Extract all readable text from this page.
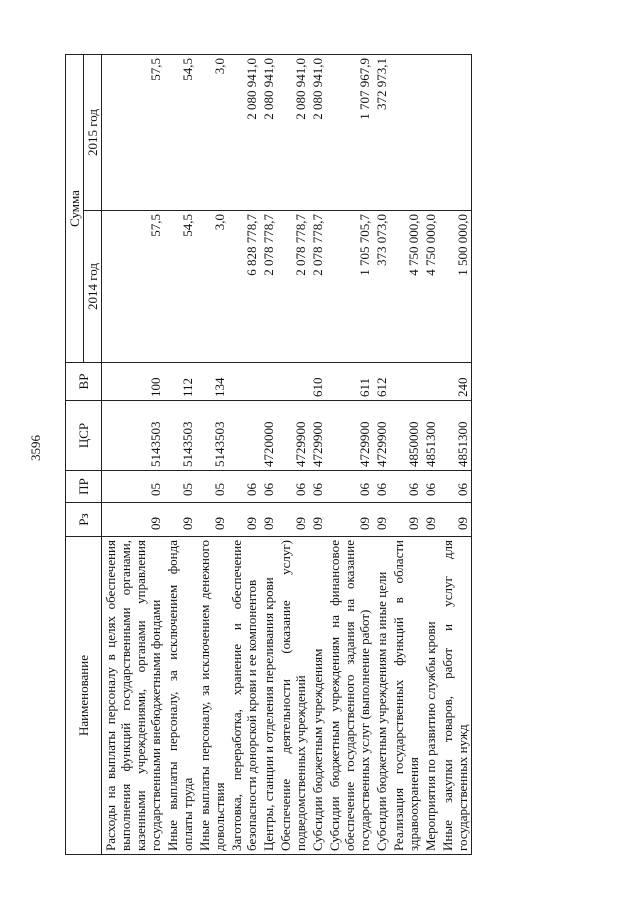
3596
Наименование	Рз	ПР	ЦСР	ВР	Сумма	
					2014 год	2015 год
Расходы на выплаты персоналу в целях обеспечения выполнения функций государственными органами, казенными учреждениями, органами управления государственными внебюджетными фондами	09	05	5143503	100	57,5	57,5
Иные выплаты персоналу, за исключением фонда оплаты труда	09	05	5143503	112	54,5	54,5
Иные выплаты персоналу, за исключением денежного довольствия	09	05	5143503	134	3,0	3,0
Заготовка, переработка, хранение и обеспечение безопасности донорской крови и ее компонентов	09	06			6 828 778,7	2 080 941,0
Центры, станции и отделения переливания крови	09	06	4720000		2 078 778,7	2 080 941,0
Обеспечение деятельности (оказание услуг) подведомственных учреждений	09	06	4729900		2 078 778,7	2 080 941,0
Субсидии бюджетным учреждениям	09	06	4729900	610	2 078 778,7	2 080 941,0
Субсидии бюджетным учреждениям на финансовое обеспечение государственного задания на оказание государственных услуг (выполнение работ)	09	06	4729900	611	1 705 705,7	1 707 967,9
Субсидии бюджетным учреждениям на иные цели	09	06	4729900	612	373 073,0	372 973,1
Реализация государственных функций в области здравоохранения	09	06	4850000		4 750 000,0	
Мероприятия по развитию службы крови	09	06	4851300		4 750 000,0	
Иные закупки товаров, работ и услуг для государственных нужд	09	06	4851300	240	1 500 000,0	
